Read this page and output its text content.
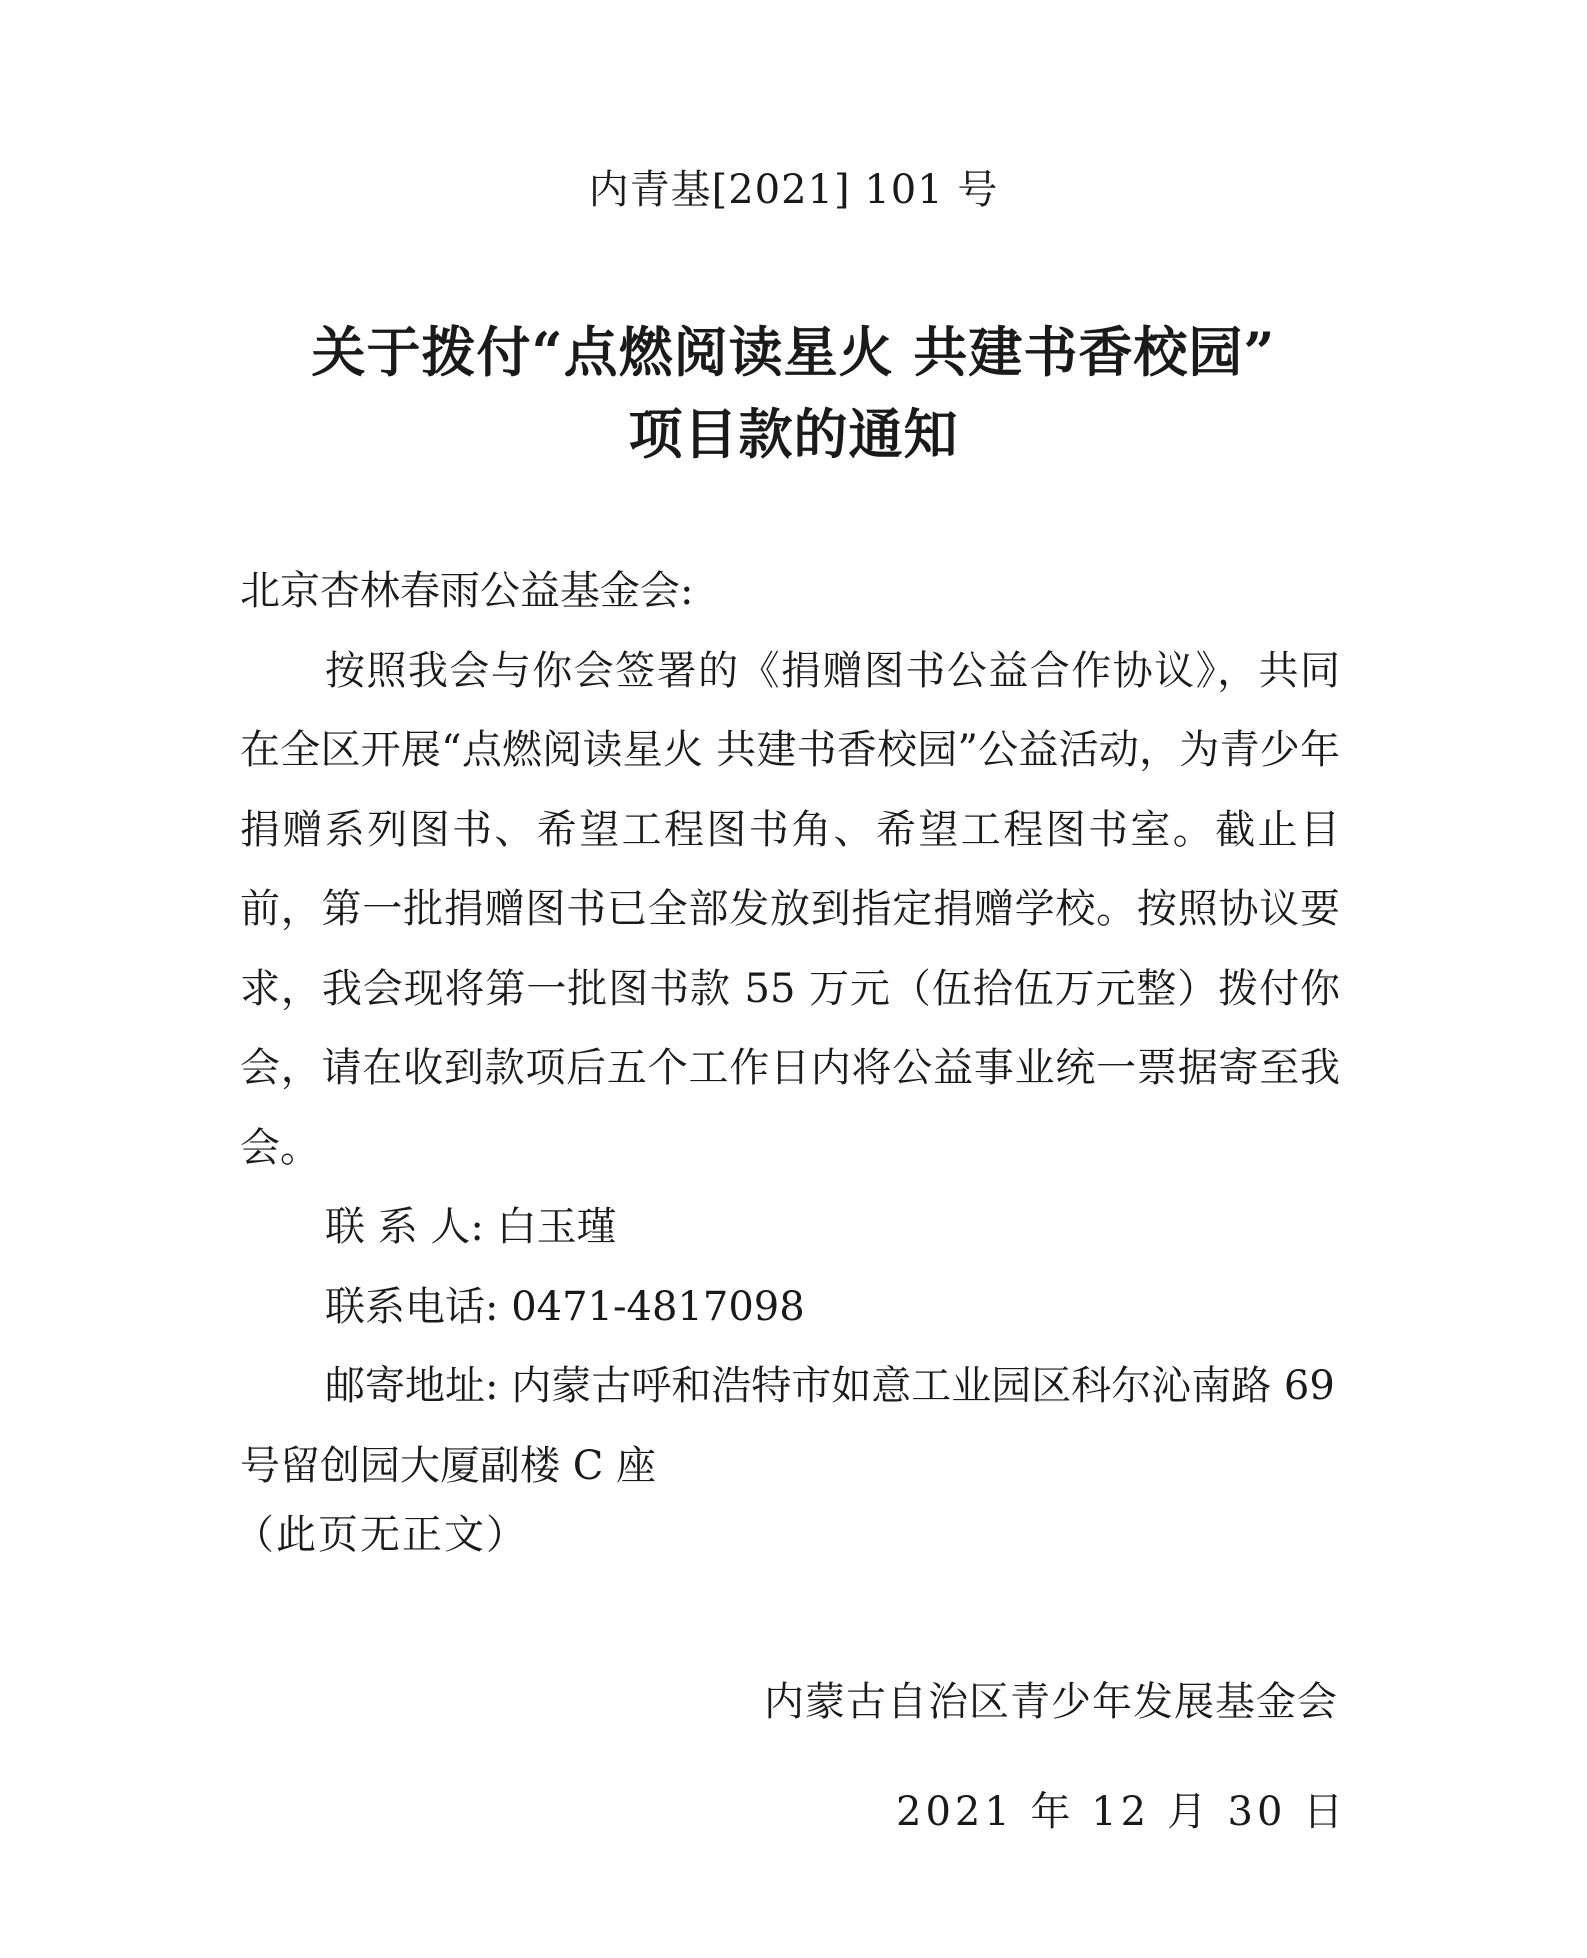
内青基[2021] 101 号
关于拨付“点燃阅读星火 共建书香校园”
项目款的通知

北京杏林春雨公益基金会:

按照我会与你会签署的《捐赠图书公益合作协议》，共同在全区开展“点燃阅读星火 共建书香校园”公益活动，为青少年捐赠系列图书、希望工程图书角、希望工程图书室。截止目前，第一批捐赠图书已全部发放到指定捐赠学校。按照协议要求，我会现将第一批图书款 55 万元（伍拾伍万元整）拨付你会，请在收到款项后五个工作日内将公益事业统一票据寄至我会。

联 系 人: 白玉瑾

联系电话: 0471-4817098

邮寄地址: 内蒙古呼和浩特市如意工业园区科尔沁南路 69 号留创园大厦副楼 C 座

（此页无正文）
内蒙古自治区青少年发展基金会
2021 年 12 月 30 日
